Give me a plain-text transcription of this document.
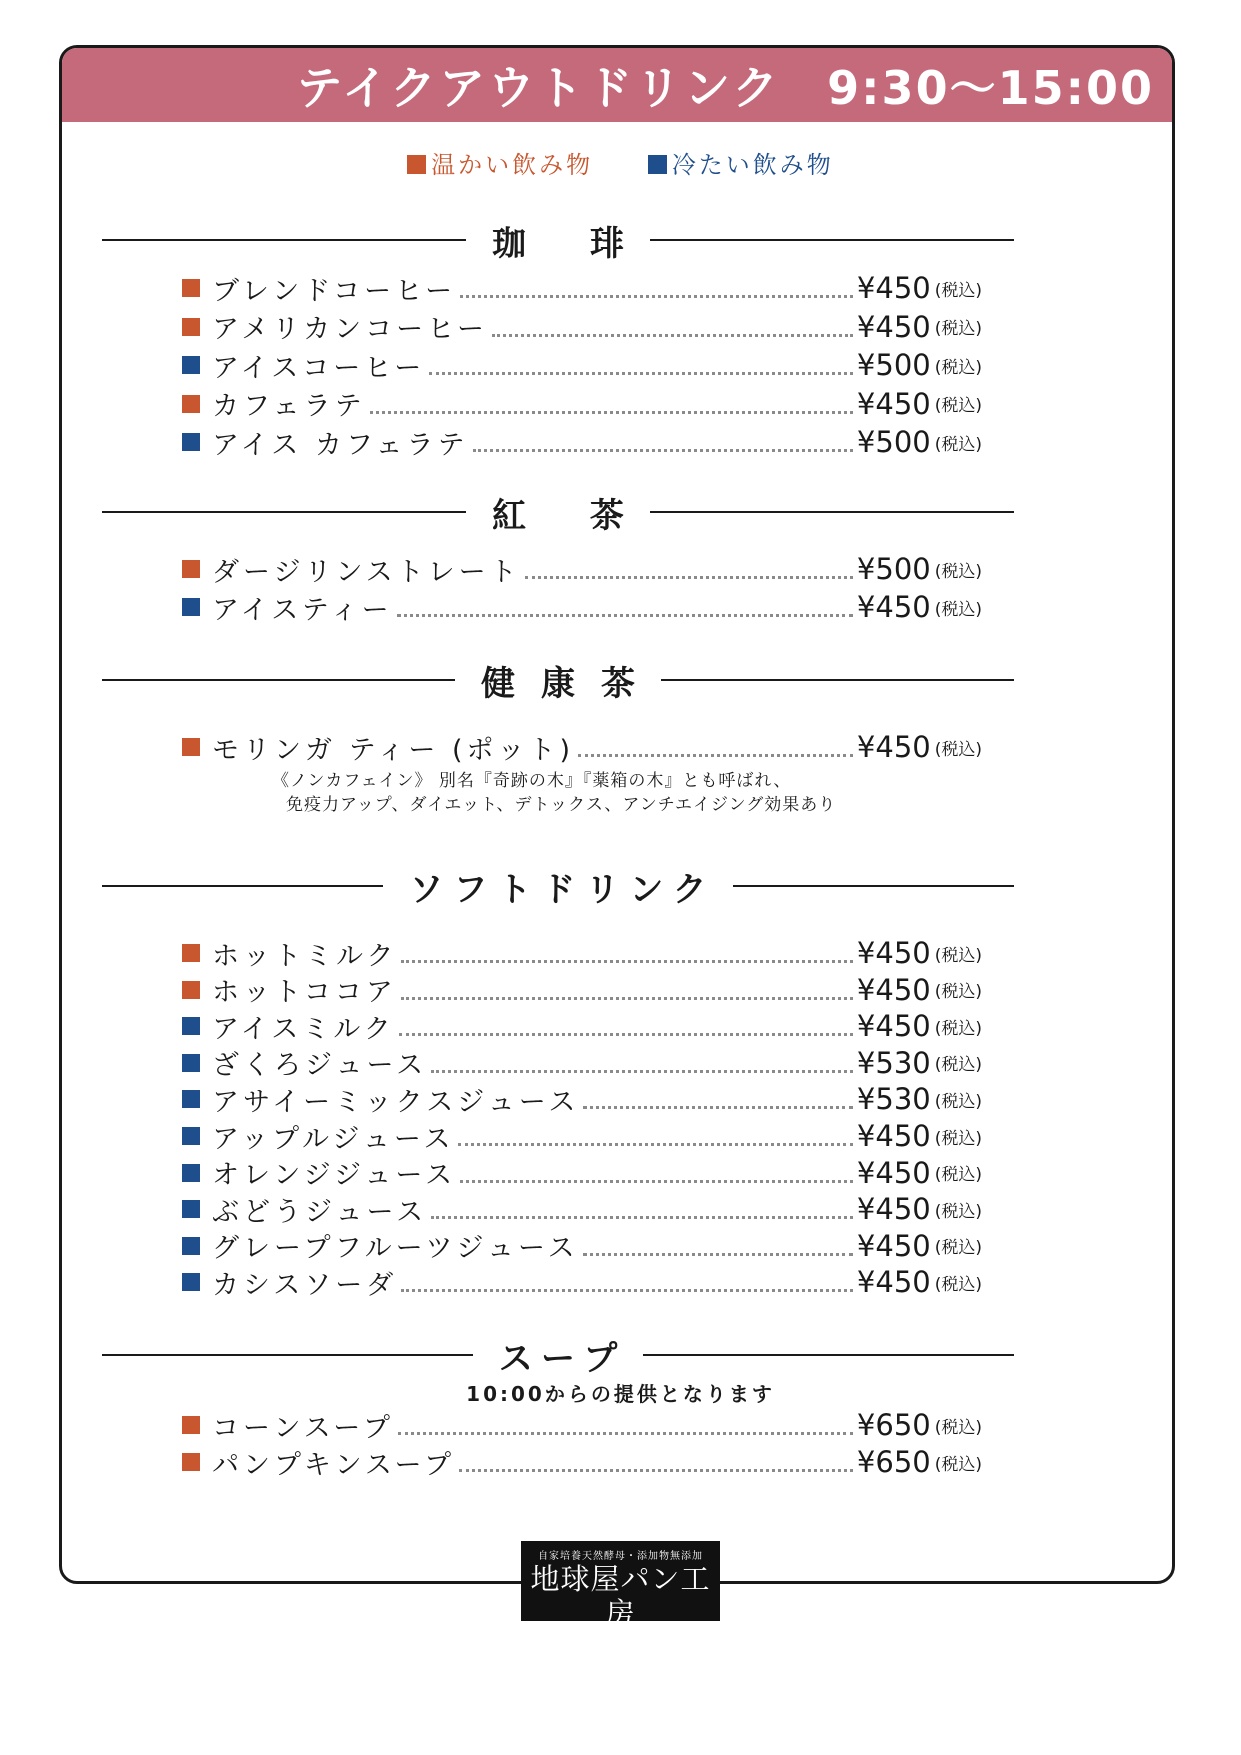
テイクアウトドリンク 9:30〜15:00
温かい飲み物	冷たい飲み物
珈 琲
ブレンドコーヒー	¥450 (税込)
アメリカンコーヒー	¥450 (税込)
アイスコーヒー	¥500 (税込)
カフェラテ	¥450 (税込)
アイス カフェラテ	¥500 (税込)
紅 茶
ダージリンストレート	¥500 (税込)
アイスティー	¥450 (税込)
健康茶
モリンガ ティー (ポット)	¥450 (税込)
《ノンカフェイン》 別名『奇跡の木』『薬箱の木』とも呼ばれ、
免疫力アップ、ダイエット、デトックス、アンチエイジング効果あり
ソフトドリンク
ホットミルク	¥450 (税込)
ホットココア	¥450 (税込)
アイスミルク	¥450 (税込)
ざくろジュース	¥530 (税込)
アサイーミックスジュース	¥530 (税込)
アップルジュース	¥450 (税込)
オレンジジュース	¥450 (税込)
ぶどうジュース	¥450 (税込)
グレープフルーツジュース	¥450 (税込)
カシスソーダ	¥450 (税込)
スープ
10:00からの提供となります
コーンスープ	¥650 (税込)
パンプキンスープ	¥650 (税込)
自家培養天然酵母・添加物無添加
地球屋パン工房
Bakery & Cafe
